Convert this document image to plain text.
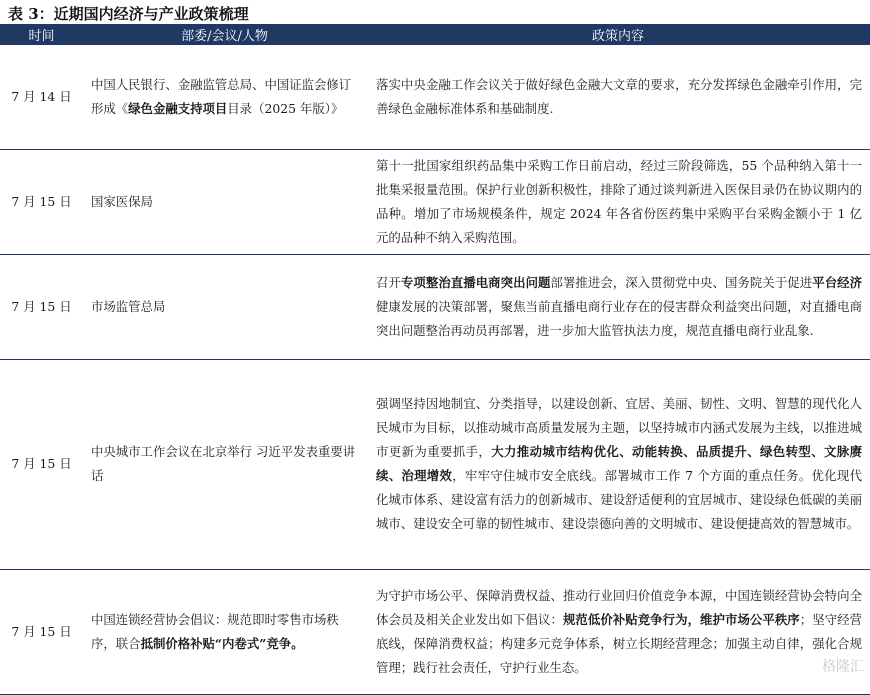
表 3：近期国内经济与产业政策梳理
时间	部委/会议/人物	政策内容
7 月 14 日	中国人民银行、金融监管总局、中国证监会修订形成《绿色金融支持项目目录（2025 年版）》	落实中央金融工作会议关于做好绿色金融大文章的要求，充分发挥绿色金融牵引作用，完善绿色金融标准体系和基础制度.
7 月 15 日	国家医保局	第十一批国家组织药品集中采购工作日前启动，经过三阶段筛选，55 个品种纳入第十一批集采报量范围。保护行业创新积极性，排除了通过谈判新进入医保目录仍在协议期内的品种。增加了市场规模条件，规定 2024 年各省份医药集中采购平台采购金额小于 1 亿元的品种不纳入采购范围。
7 月 15 日	市场监管总局	召开专项整治直播电商突出问题部署推进会，深入贯彻党中央、国务院关于促进平台经济健康发展的决策部署，聚焦当前直播电商行业存在的侵害群众利益突出问题，对直播电商突出问题整治再动员再部署，进一步加大监管执法力度，规范直播电商行业乱象.
7 月 15 日	中央城市工作会议在北京举行 习近平发表重要讲话	强调坚持因地制宜、分类指导，以建设创新、宜居、美丽、韧性、文明、智慧的现代化人民城市为目标，以推动城市高质量发展为主题，以坚持城市内涵式发展为主线，以推进城市更新为重要抓手，大力推动城市结构优化、动能转换、品质提升、绿色转型、文脉赓续、治理增效，牢牢守住城市安全底线。部署城市工作 7 个方面的重点任务。优化现代化城市体系、建设富有活力的创新城市、建设舒适便利的宜居城市、建设绿色低碳的美丽城市、建设安全可靠的韧性城市、建设崇德向善的文明城市、建设便捷高效的智慧城市。
7 月 15 日	中国连锁经营协会倡议：规范即时零售市场秩序，联合抵制价格补贴“内卷式”竞争。	为守护市场公平、保障消费权益、推动行业回归价值竞争本源，中国连锁经营协会特向全体会员及相关企业发出如下倡议：规范低价补贴竞争行为，维护市场公平秩序；坚守经营底线，保障消费权益；构建多元竞争体系，树立长期经营理念；加强主动自律，强化合规管理；践行社会责任，守护行业生态。	格隆汇
